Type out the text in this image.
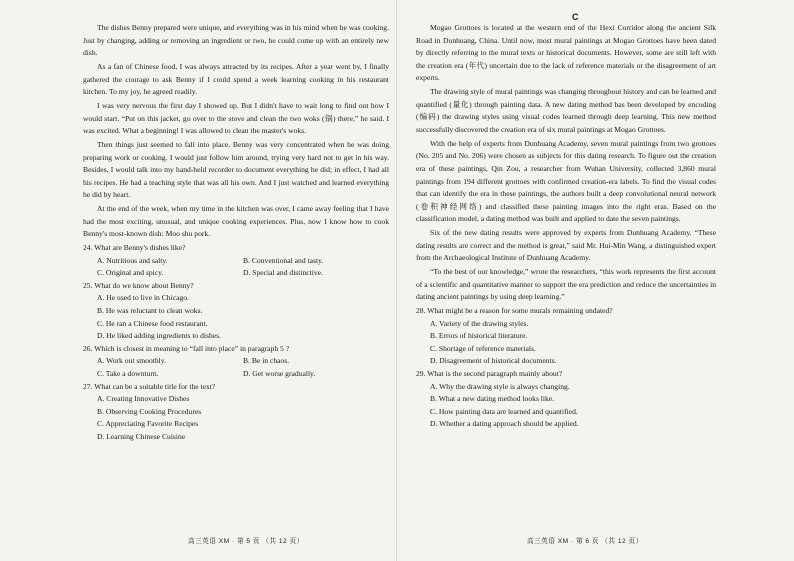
The dishes Benny prepared were unique, and everything was in his mind when he was cooking. Just by changing, adding or removing an ingredient or two, he could come up with an entirely new dish.

As a fan of Chinese food, I was always attracted by its recipes. After a year went by, I finally gathered the courage to ask Benny if I could spend a week learning cooking in his restaurant kitchen. To my joy, he agreed readily.

I was very nervous the first day I showed up. But I didn't have to wait long to find out how I would start. “Put on this jacket, go over to the stove and clean the two woks (锅) there,” he said. I was excited. What a beginning! I was allowed to clean the master's woks.

Then things just seemed to fall into place. Benny was very concentrated when he was doing preparing work or cooking. I would just follow him around, trying very hard not to get in his way. Besides, I would talk into my hand-held recorder to document everything he did; in effect, I had all his recipes. He had a teaching style that was all his own. And I just watched and learned everything he did by heart.

At the end of the week, when my time in the kitchen was over, I came away feeling that I have had the most exciting, unusual, and unique cooking experiences. Plus, now I know how to cook Benny's most-known dish: Moo shu pork.

24. What are Benny's dishes like?

A. Nutritious and salty.	B. Conventional and tasty.

C. Original and spicy.	D. Special and distinctive.

25. What do we know about Benny?

A. He used to live in Chicago.

B. He was reluctant to clean woks.

C. He ran a Chinese food restaurant.

D. He liked adding ingredients to dishes.

26. Which is closest in meaning to “fall into place” in paragraph 5 ?

A. Work out smoothly.	B. Be in chaos.

C. Take a downturn.	D. Get worse gradually.

27. What can be a suitable title for the text?

A. Creating Innovative Dishes

B. Observing Cooking Procedures

C. Appreciating Favorite Recipes

D. Learning Chinese Cuisine

高三英语 XM · 第 5 页 （共 12 页）
C

Mogao Grottoes is located at the western end of the Hexi Corridor along the ancient Silk Road in Dunhuang, China. Until now, most mural paintings at Mogao Grottoes have been dated by directly referring to the mural texts or historical documents. However, some are still left with the creation era (年代) uncertain due to the lack of reference materials or the disagreement of art experts.

The drawing style of mural paintings was changing throughout history and can be learned and quantified (量化) through painting data. A new dating method has been developed by encoding (编码) the drawing styles using visual codes learned through deep learning. This new method successfully discovered the creation era of six mural paintings at Mogao Grottoes.

With the help of experts from Dunhuang Academy, seven mural paintings from two grottoes (No. 205 and No. 206) were chosen as subjects for this dating research. To figure out the creation era of these paintings, Qin Zou, a researcher from Wuhan University, collected 3,860 mural paintings from 194 different grottoes with confirmed creation-era labels. To find the visual codes that can identify the era in these paintings, the authors built a deep convolutional neural network (卷积神经网络) and classified these painting images into the right eras. Based on the classification model, a dating method was built and applied to date the seven paintings.

Six of the new dating results were approved by experts from Dunhuang Academy. “These dating results are correct and the method is great,” said Mr. Hui-Min Wang, a distinguished expert from the Archaeological Institute of Dunhuang Academy.

“To the best of our knowledge,” wrote the researchers, “this work represents the first account of a scientific and quantitative manner to support the era prediction and reduce the uncertainties in dating ancient paintings by using deep learning.”

28. What might be a reason for some murals remaining undated?

A. Variety of the drawing styles.

B. Errors of historical literature.

C. Shortage of reference materials.

D. Disagreement of historical documents.

29. What is the second paragraph mainly about?

A. Why the drawing style is always changing.

B. What a new dating method looks like.

C. How painting data are learned and quantified.

D. Whether a dating approach should be applied.

高三英语 XM · 第 6 页 （共 12 页）
